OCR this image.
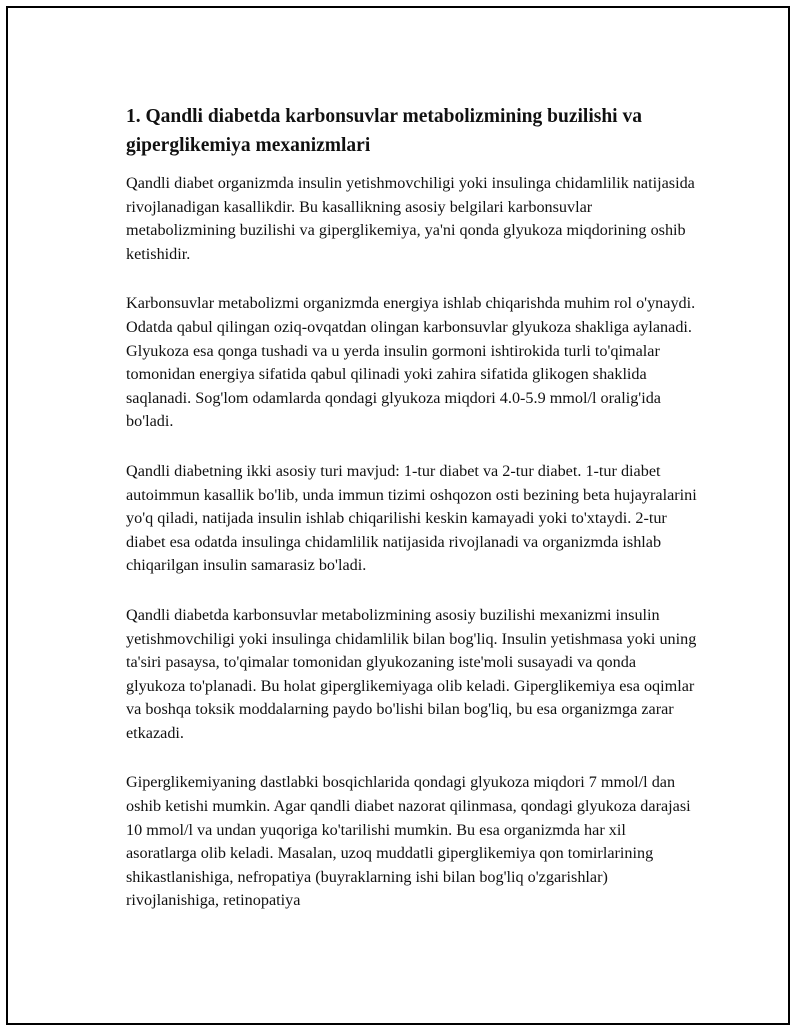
1. Qandli diabetda karbonsuvlar metabolizmining buzilishi va giperglikemiya mexanizmlari

Qandli diabet organizmda insulin yetishmovchiligi yoki insulinga chidamlilik natijasida rivojlanadigan kasallikdir. Bu kasallikning asosiy belgilari karbonsuvlar metabolizmining buzilishi va giperglikemiya, ya'ni qonda glyukoza miqdorining oshib ketishidir.

Karbonsuvlar metabolizmi organizmda energiya ishlab chiqarishda muhim rol o'ynaydi. Odatda qabul qilingan oziq-ovqatdan olingan karbonsuvlar glyukoza shakliga aylanadi. Glyukoza esa qonga tushadi va u yerda insulin gormoni ishtirokida turli to'qimalar tomonidan energiya sifatida qabul qilinadi yoki zahira sifatida glikogen shaklida saqlanadi. Sog'lom odamlarda qondagi glyukoza miqdori 4.0-5.9 mmol/l oralig'ida bo'ladi.

Qandli diabetning ikki asosiy turi mavjud: 1-tur diabet va 2-tur diabet. 1-tur diabet autoimmun kasallik bo'lib, unda immun tizimi oshqozon osti bezining beta hujayralarini yo'q qiladi, natijada insulin ishlab chiqarilishi keskin kamayadi yoki to'xtaydi. 2-tur diabet esa odatda insulinga chidamlilik natijasida rivojlanadi va organizmda ishlab chiqarilgan insulin samarasiz bo'ladi.

Qandli diabetda karbonsuvlar metabolizmining asosiy buzilishi mexanizmi insulin yetishmovchiligi yoki insulinga chidamlilik bilan bog'liq. Insulin yetishmasa yoki uning ta'siri pasaysa, to'qimalar tomonidan glyukozaning iste'moli susayadi va qonda glyukoza to'planadi. Bu holat giperglikemiyaga olib keladi. Giperglikemiya esa oqimlar va boshqa toksik moddalarning paydo bo'lishi bilan bog'liq, bu esa organizmga zarar etkazadi.

Giperglikemiyaning dastlabki bosqichlarida qondagi glyukoza miqdori 7 mmol/l dan oshib ketishi mumkin. Agar qandli diabet nazorat qilinmasa, qondagi glyukoza darajasi 10 mmol/l va undan yuqoriga ko'tarilishi mumkin. Bu esa organizmda har xil asoratlarga olib keladi. Masalan, uzoq muddatli giperglikemiya qon tomirlarining shikastlanishiga, nefropatiya (buyraklarning ishi bilan bog'liq o'zgarishlar) rivojlanishiga, retinopatiya
